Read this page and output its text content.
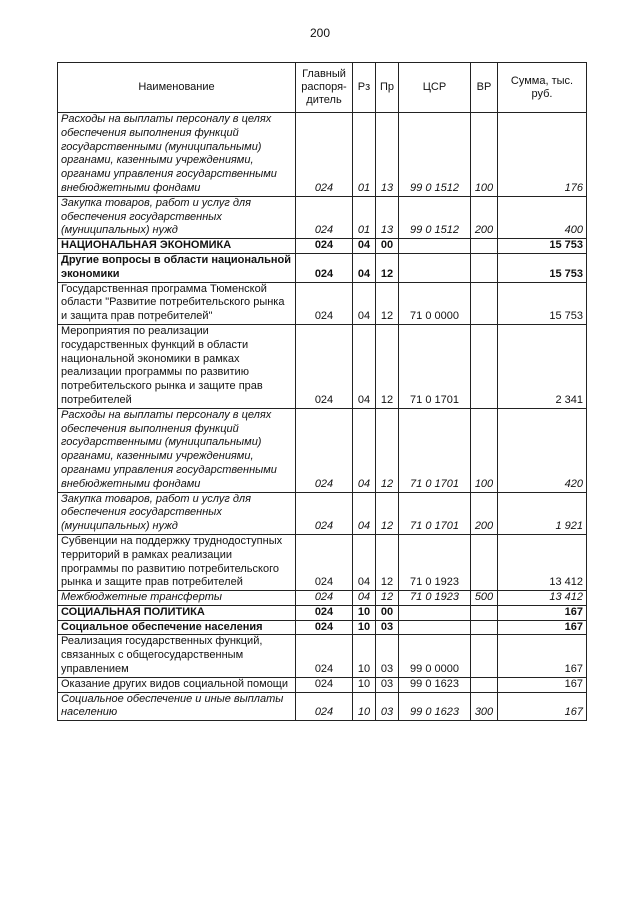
200
Наименование	Главный распоря-дитель	Рз	Пр	ЦСР	ВР	Сумма, тыс. руб.
Расходы на выплаты персоналу в целях обеспечения выполнения функций государственными (муниципальными) органами, казенными учреждениями, органами управления государственными внебюджетными фондами	024	01	13	99 0 1512	100	176
Закупка товаров, работ и услуг для обеспечения государственных (муниципальных) нужд	024	01	13	99 0 1512	200	400
НАЦИОНАЛЬНАЯ ЭКОНОМИКА	024	04	00			15 753
Другие вопросы в области национальной экономики	024	04	12			15 753
Государственная программа Тюменской области "Развитие потребительского рынка и защита прав потребителей"	024	04	12	71 0 0000		15 753
Мероприятия по реализации государственных функций в области национальной экономики в рамках реализации программы по развитию потребительского рынка и защите прав потребителей	024	04	12	71 0 1701		2 341
Расходы на выплаты персоналу в целях обеспечения выполнения функций государственными (муниципальными) органами, казенными учреждениями, органами управления государственными внебюджетными фондами	024	04	12	71 0 1701	100	420
Закупка товаров, работ и услуг для обеспечения государственных (муниципальных) нужд	024	04	12	71 0 1701	200	1 921
Субвенции на поддержку труднодоступных территорий в рамках реализации программы по развитию потребительского рынка и защите прав потребителей	024	04	12	71 0 1923		13 412
Межбюджетные трансферты	024	04	12	71 0 1923	500	13 412
СОЦИАЛЬНАЯ ПОЛИТИКА	024	10	00			167
Социальное обеспечение населения	024	10	03			167
Реализация государственных функций, связанных с общегосударственным управлением	024	10	03	99 0 0000		167
Оказание других видов социальной помощи	024	10	03	99 0 1623		167
Социальное обеспечение и иные выплаты населению	024	10	03	99 0 1623	300	167
